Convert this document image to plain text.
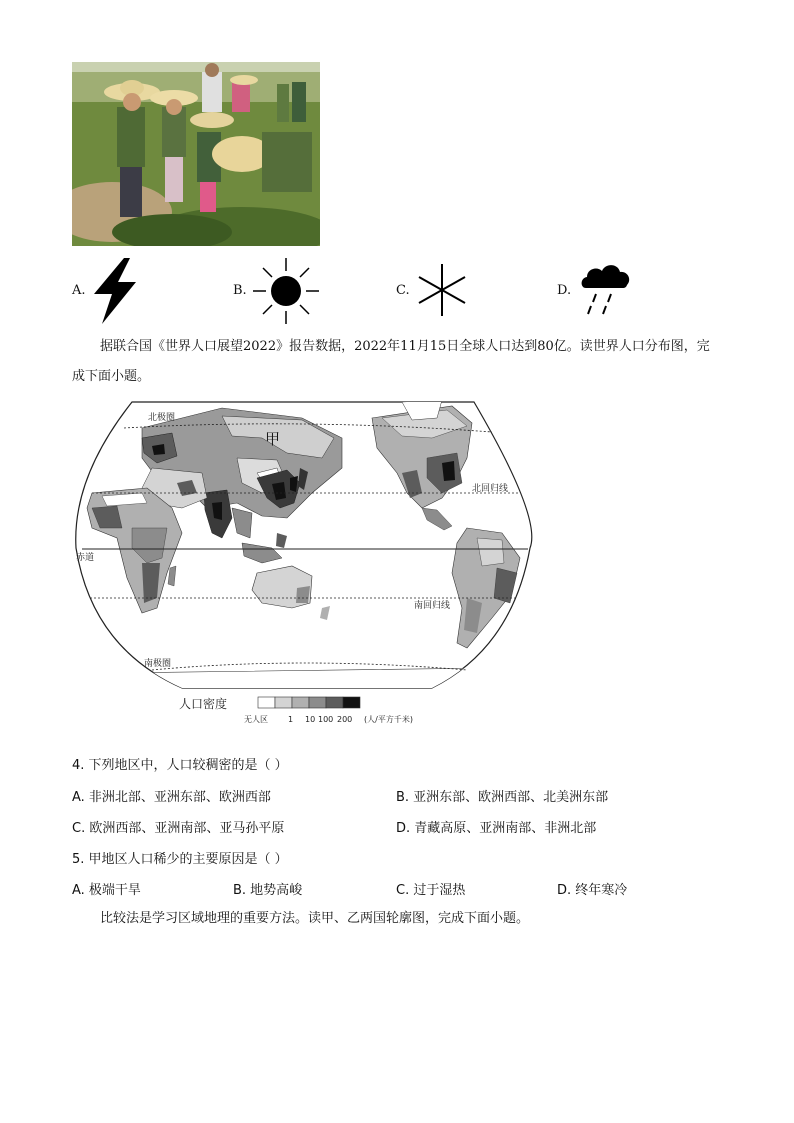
A.	B.	C.	D.
据联合国《世界人口展望2022》报告数据，2022年11月15日全球人口达到80亿。读世界人口分布图，完成下面小题。
北极圈
北回归线
赤道
南回归线
南极圈
甲
人口密度
无人区	1 10 100 200 (人/平方千米)
4. 下列地区中，人口较稠密的是（ ）
A. 非洲北部、亚洲东部、欧洲西部	B. 亚洲东部、欧洲西部、北美洲东部
C. 欧洲西部、亚洲南部、亚马孙平原	D. 青藏高原、亚洲南部、非洲北部
5. 甲地区人口稀少的主要原因是（ ）
A. 极端干旱	B. 地势高峻	C. 过于湿热	D. 终年寒冷
比较法是学习区域地理的重要方法。读甲、乙两国轮廓图，完成下面小题。
